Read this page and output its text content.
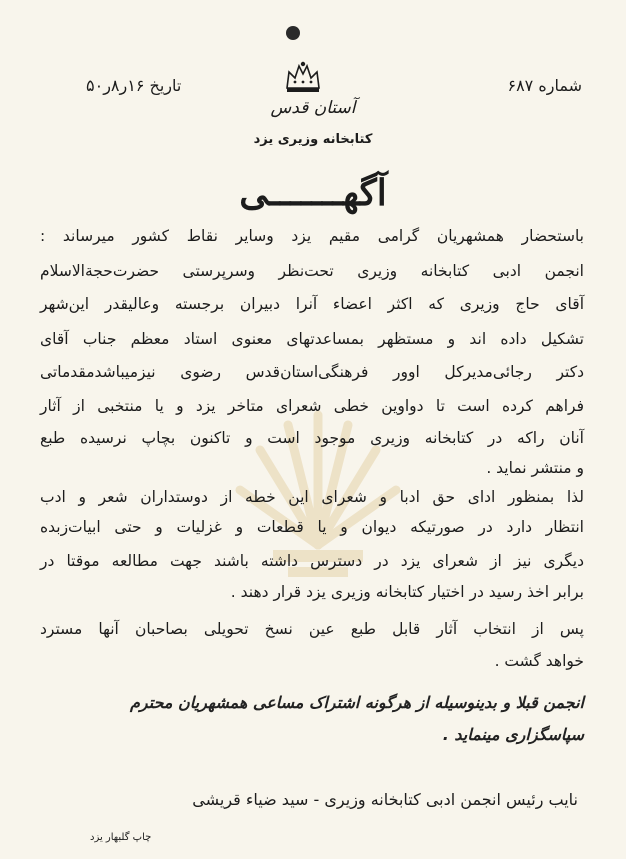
شماره ۶۸۷
تاریخ ۱۶ر۸ر۵۰
آستان قدس
کتابخانه وزیری یزد
آگهـــــــی
باستحضار همشهریان گرامی مقیم یزد وسایر نقاط کشور میرساند :
انجمن ادبی کتابخانه وزیری تحت‌نظر وسرپرستی حضرت‌حجة‌الاسلام
آقای حاج وزیری که اکثر اعضاء آنرا دبیران برجسته وعالیقدر این‌شهر
تشکیل داده اند و مستظهر بمساعدتهای معنوی استاد معظم جناب آقای
دکتر رجائی‌مدیرکل اوور فرهنگی‌استان‌قدس رضوی نیزمیباشدمقدماتی
فراهم کرده است تا دواوین خطی شعرای متاخر یزد و یا منتخبی از آثار
آنان راکه در کتابخانه وزیری موجود است و تاکنون بچاپ نرسیده طبع
و منتشر نماید .
لذا بمنظور ادای حق ادبا و شعرای این خطه از دوستداران شعر و ادب
انتظار دارد در صورتیکه دیوان و یا قطعات و غزلیات و حتی ابیات‌زبده
دیگری نیز از شعرای یزد در دسترس داشته باشند جهت مطالعه موقتا در
برابر اخذ رسید در اختیار کتابخانه وزیری یزد قرار دهند .
پس از انتخاب آثار قابل طبع عین نسخ تحویلی بصاحبان آنها مسترد
خواهد گشت .
انجمن قبلا و بدینوسیله از هرگونه اشتراک مساعی همشهریان محترم
سپاسگزاری مینماید .
نایب رئیس انجمن ادبی کتابخانه وزیری - سید ضیاء قریشی
چاپ گلبهار یزد
